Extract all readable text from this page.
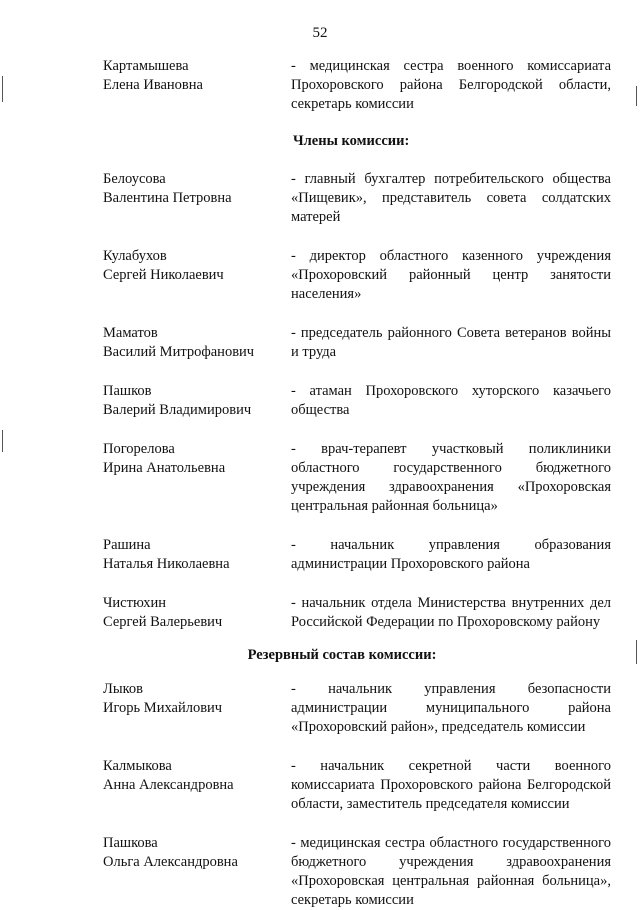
52
Картамышева
Елена Ивановна
- медицинская сестра военного комиссариата Прохоровского района Белгородской области, секретарь комиссии
Члены комиссии:
Белоусова
Валентина Петровна
- главный бухгалтер потребительского общества «Пищевик», представитель совета солдатских матерей
Кулабухов
Сергей Николаевич
- директор областного казенного учреждения «Прохоровский районный центр занятости населения»
Маматов
Василий Митрофанович
- председатель районного Совета ветеранов войны и труда
Пашков
Валерий Владимирович
- атаман Прохоровского хуторского казачьего общества
Погорелова
Ирина Анатольевна
- врач-терапевт участковый поликлиники областного государственного бюджетного учреждения здравоохранения «Прохоровская центральная районная больница»
Рашина
Наталья Николаевна
- начальник управления образования администрации Прохоровского района
Чистюхин
Сергей Валерьевич
- начальник отдела Министерства внутренних дел Российской Федерации по Прохоровскому району
Резервный состав комиссии:
Лыков
Игорь Михайлович
- начальник управления безопасности администрации муниципального района «Прохоровский район», председатель комиссии
Калмыкова
Анна Александровна
- начальник секретной части военного комиссариата Прохоровского района Белгородской области, заместитель председателя комиссии
Пашкова
Ольга Александровна
- медицинская сестра областного государственного бюджетного учреждения здравоохранения «Прохоровская центральная районная больница», секретарь комиссии
